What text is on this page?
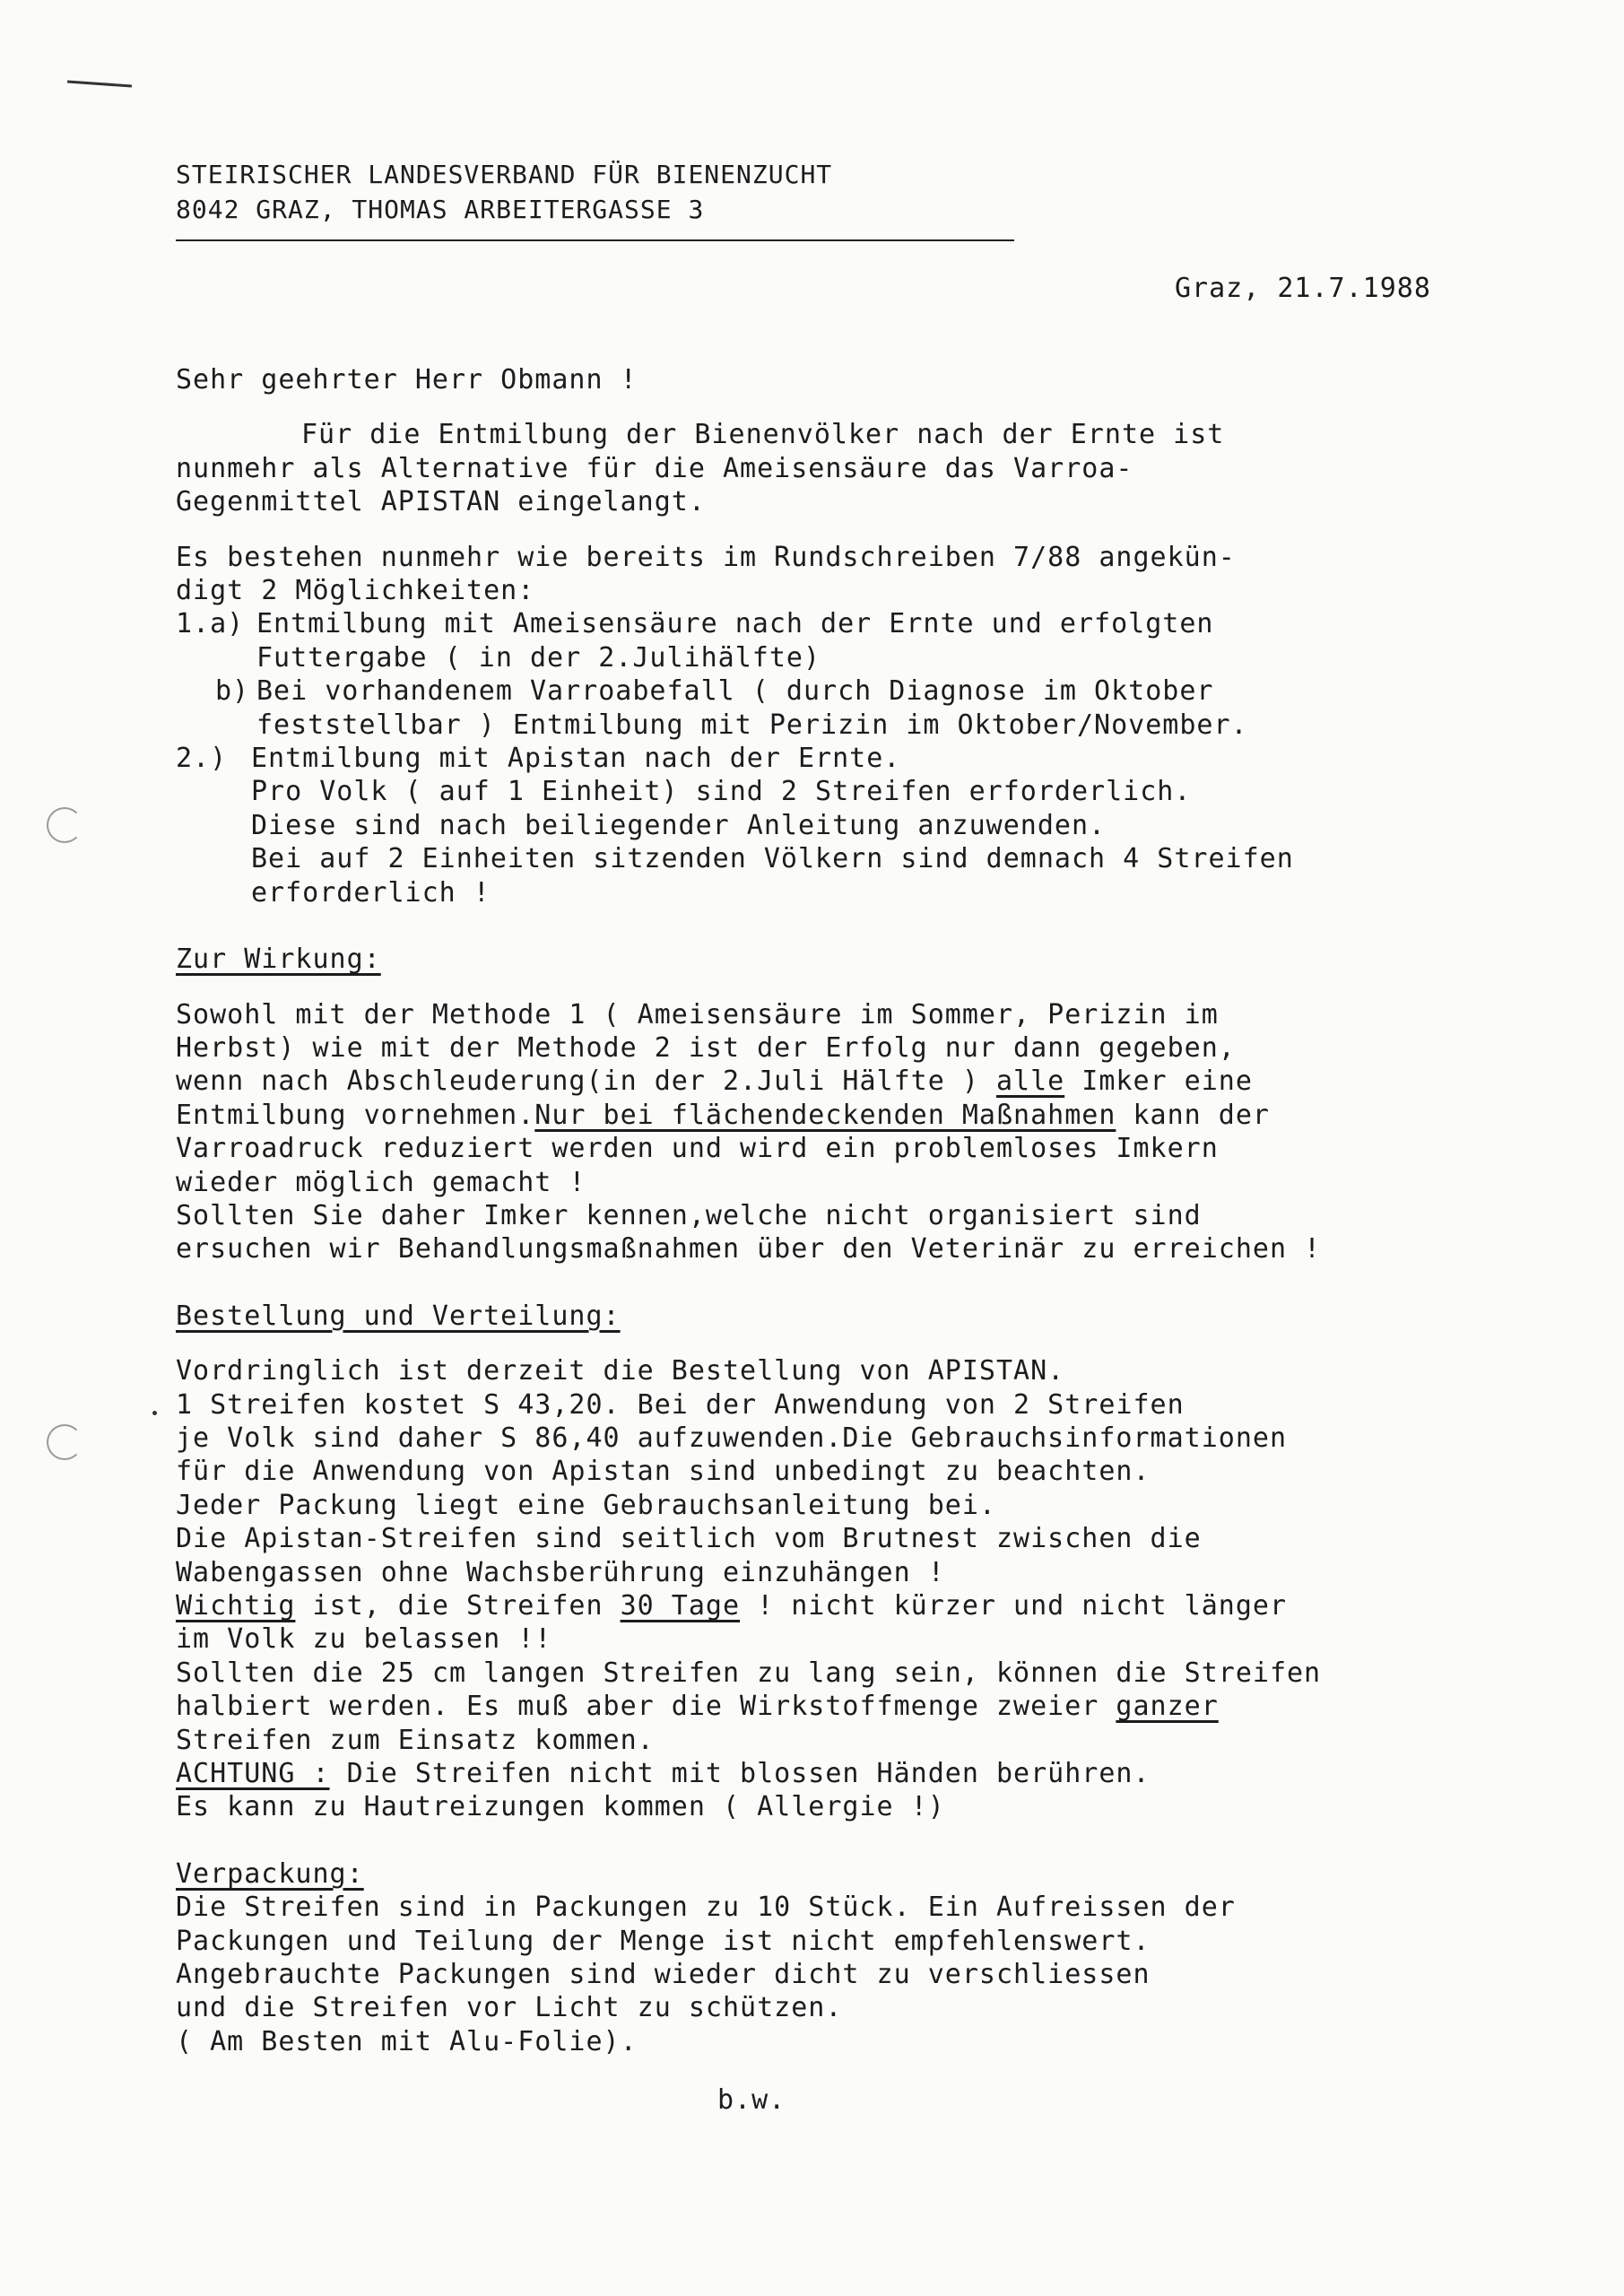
STEIRISCHER LANDESVERBAND FÜR BIENENZUCHT
8042 GRAZ, THOMAS ARBEITERGASSE 3
Graz, 21.7.1988

Sehr geehrter Herr Obmann !

Für die Entmilbung der Bienenvölker nach der Ernte ist

nunmehr als Alternative für die Ameisensäure das Varroa-

Gegenmittel APISTAN eingelangt.

Es bestehen nunmehr wie bereits im Rundschreiben 7/88 angekün-

digt 2 Möglichkeiten:

1.a) Entmilbung mit Ameisensäure nach der Ernte und erfolgten

Futtergabe ( in der 2.Julihälfte)

b) Bei vorhandenem Varroabefall ( durch Diagnose im Oktober

feststellbar ) Entmilbung mit Perizin im Oktober/November.

2.) Entmilbung mit Apistan nach der Ernte.

Pro Volk ( auf 1 Einheit) sind 2 Streifen erforderlich.

Diese sind nach beiliegender Anleitung anzuwenden.

Bei auf 2 Einheiten sitzenden Völkern sind demnach 4 Streifen

erforderlich !

Zur Wirkung:

Sowohl mit der Methode 1 ( Ameisensäure im Sommer, Perizin im

Herbst) wie mit der Methode 2 ist der Erfolg nur dann gegeben,

wenn nach Abschleuderung(in der 2.Juli Hälfte ) alle Imker eine

Entmilbung vornehmen.Nur bei flächendeckenden Maßnahmen kann der

Varroadruck reduziert werden und wird ein problemloses Imkern

wieder möglich gemacht !

Sollten Sie daher Imker kennen,welche nicht organisiert sind

ersuchen wir Behandlungsmaßnahmen über den Veterinär zu erreichen !

Bestellung und Verteilung:

Vordringlich ist derzeit die Bestellung von APISTAN.

1 Streifen kostet S 43,20. Bei der Anwendung von 2 Streifen

je Volk sind daher S 86,40 aufzuwenden.Die Gebrauchsinformationen

für die Anwendung von Apistan sind unbedingt zu beachten.

Jeder Packung liegt eine Gebrauchsanleitung bei.

Die Apistan-Streifen sind seitlich vom Brutnest zwischen die

Wabengassen ohne Wachsberührung einzuhängen !

Wichtig ist, die Streifen 30 Tage ! nicht kürzer und nicht länger

im Volk zu belassen !!

Sollten die 25 cm langen Streifen zu lang sein, können die Streifen

halbiert werden. Es muß aber die Wirkstoffmenge zweier ganzer

Streifen zum Einsatz kommen.

ACHTUNG : Die Streifen nicht mit blossen Händen berühren.

Es kann zu Hautreizungen kommen ( Allergie !)

Verpackung:

Die Streifen sind in Packungen zu 10 Stück. Ein Aufreissen der

Packungen und Teilung der Menge ist nicht empfehlenswert.

Angebrauchte Packungen sind wieder dicht zu verschliessen

und die Streifen vor Licht zu schützen.

( Am Besten mit Alu-Folie).

b.w.
